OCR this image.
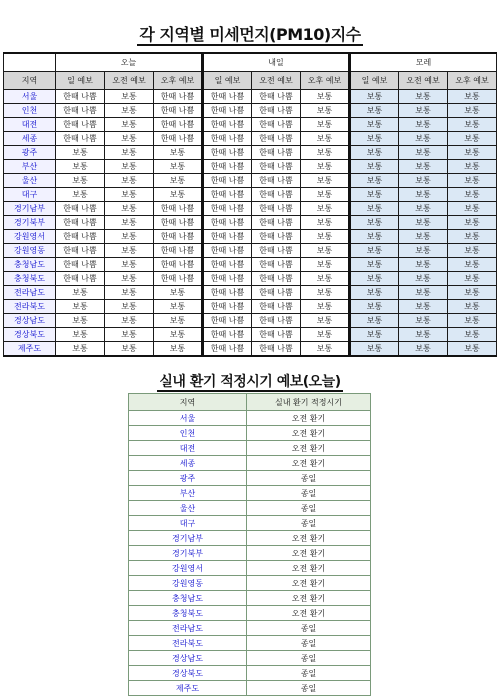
각 지역별 미세먼지(PM10)지수
	오늘			내일			모레		
지역	일 예보	오전 예보	오후 예보	일 예보	오전 예보	오후 예보	일 예보	오전 예보	오후 예보
서울	한때 나쁨	보통	한때 나쁨	한때 나쁨	한때 나쁨	보통	보통	보통	보통
인천	한때 나쁨	보통	한때 나쁨	한때 나쁨	한때 나쁨	보통	보통	보통	보통
대전	한때 나쁨	보통	한때 나쁨	한때 나쁨	한때 나쁨	보통	보통	보통	보통
세종	한때 나쁨	보통	한때 나쁨	한때 나쁨	한때 나쁨	보통	보통	보통	보통
광주	보통	보통	보통	한때 나쁨	한때 나쁨	보통	보통	보통	보통
부산	보통	보통	보통	한때 나쁨	한때 나쁨	보통	보통	보통	보통
울산	보통	보통	보통	한때 나쁨	한때 나쁨	보통	보통	보통	보통
대구	보통	보통	보통	한때 나쁨	한때 나쁨	보통	보통	보통	보통
경기남부	한때 나쁨	보통	한때 나쁨	한때 나쁨	한때 나쁨	보통	보통	보통	보통
경기북부	한때 나쁨	보통	한때 나쁨	한때 나쁨	한때 나쁨	보통	보통	보통	보통
강원영서	한때 나쁨	보통	한때 나쁨	한때 나쁨	한때 나쁨	보통	보통	보통	보통
강원영동	한때 나쁨	보통	한때 나쁨	한때 나쁨	한때 나쁨	보통	보통	보통	보통
충청남도	한때 나쁨	보통	한때 나쁨	한때 나쁨	한때 나쁨	보통	보통	보통	보통
충청북도	한때 나쁨	보통	한때 나쁨	한때 나쁨	한때 나쁨	보통	보통	보통	보통
전라남도	보통	보통	보통	한때 나쁨	한때 나쁨	보통	보통	보통	보통
전라북도	보통	보통	보통	한때 나쁨	한때 나쁨	보통	보통	보통	보통
경상남도	보통	보통	보통	한때 나쁨	한때 나쁨	보통	보통	보통	보통
경상북도	보통	보통	보통	한때 나쁨	한때 나쁨	보통	보통	보통	보통
제주도	보통	보통	보통	한때 나쁨	한때 나쁨	보통	보통	보통	보통
실내 환기 적정시기 예보(오늘)
지역	실내 환기 적정시기
서울	오전 환기
인천	오전 환기
대전	오전 환기
세종	오전 환기
광주	종일
부산	종일
울산	종일
대구	종일
경기남부	오전 환기
경기북부	오전 환기
강원영서	오전 환기
강원영동	오전 환기
충청남도	오전 환기
충청북도	오전 환기
전라남도	종일
전라북도	종일
경상남도	종일
경상북도	종일
제주도	종일
